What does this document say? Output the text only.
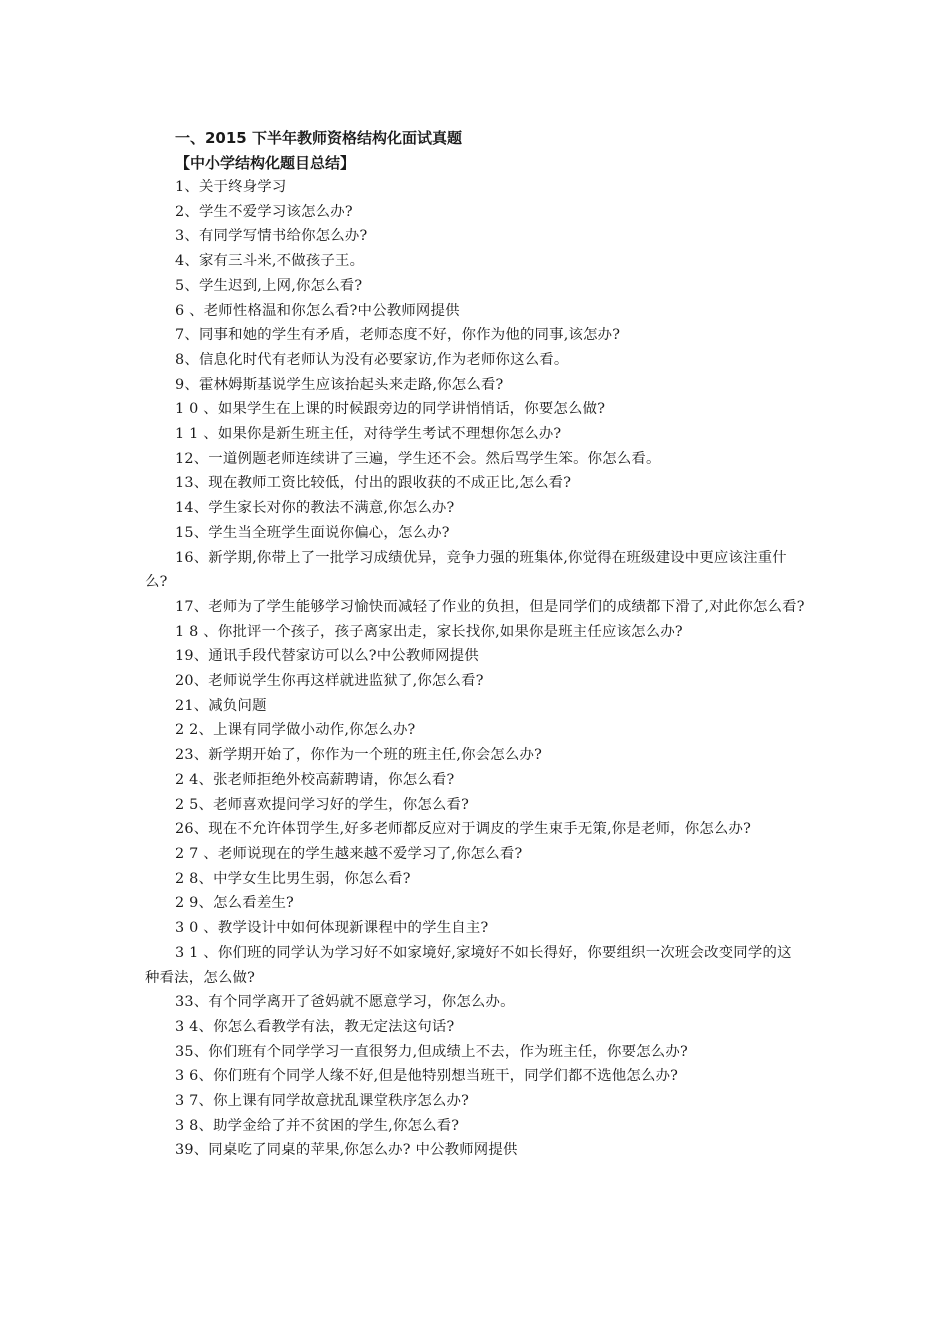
一、2015 下半年教师资格结构化面试真题
【中小学结构化题目总结】

1、关于终身学习

2、学生不爱学习该怎么办?

3、有同学写情书给你怎么办?

4、家有三斗米,不做孩子王。

5、学生迟到,上网,你怎么看?

6 、老师性格温和你怎么看?中公教师网提供

7、同事和她的学生有矛盾，老师态度不好，你作为他的同事,该怎办?

8、信息化时代有老师认为没有必要家访,作为老师你这么看。

9、霍林姆斯基说学生应该抬起头来走路,你怎么看?

1 0 、如果学生在上课的时候跟旁边的同学讲悄悄话，你要怎么做?

1 1 、如果你是新生班主任，对待学生考试不理想你怎么办?

12、一道例题老师连续讲了三遍，学生还不会。然后骂学生笨。你怎么看。

13、现在教师工资比较低，付出的跟收获的不成正比,怎么看?

14、学生家长对你的教法不满意,你怎么办?

15、学生当全班学生面说你偏心，怎么办?

16、新学期,你带上了一批学习成绩优异，竞争力强的班集体,你觉得在班级建设中更应该注重什么?

17、老师为了学生能够学习愉快而减轻了作业的负担，但是同学们的成绩都下滑了,对此你怎么看?

1 8 、你批评一个孩子，孩子离家出走，家长找你,如果你是班主任应该怎么办?

19、通讯手段代替家访可以么?中公教师网提供

20、老师说学生你再这样就进监狱了,你怎么看?

21、减负问题

2 2、上课有同学做小动作,你怎么办?

23、新学期开始了，你作为一个班的班主任,你会怎么办?

2 4、张老师拒绝外校高薪聘请，你怎么看?

2 5、老师喜欢提问学习好的学生，你怎么看?

26、现在不允许体罚学生,好多老师都反应对于调皮的学生束手无策,你是老师，你怎么办?

2 7 、老师说现在的学生越来越不爱学习了,你怎么看?

2 8、中学女生比男生弱，你怎么看?

2 9、怎么看差生?

3 0 、教学设计中如何体现新课程中的学生自主?

3 1 、你们班的同学认为学习好不如家境好,家境好不如长得好，你要组织一次班会改变同学的这种看法，怎么做?

33、有个同学离开了爸妈就不愿意学习，你怎么办。

3 4、你怎么看教学有法，教无定法这句话?

35、你们班有个同学学习一直很努力,但成绩上不去，作为班主任，你要怎么办?

3 6、你们班有个同学人缘不好,但是他特别想当班干，同学们都不选他怎么办?

3 7、你上课有同学故意扰乱课堂秩序怎么办?

3 8、助学金给了并不贫困的学生,你怎么看?

39、同桌吃了同桌的苹果,你怎么办? 中公教师网提供
